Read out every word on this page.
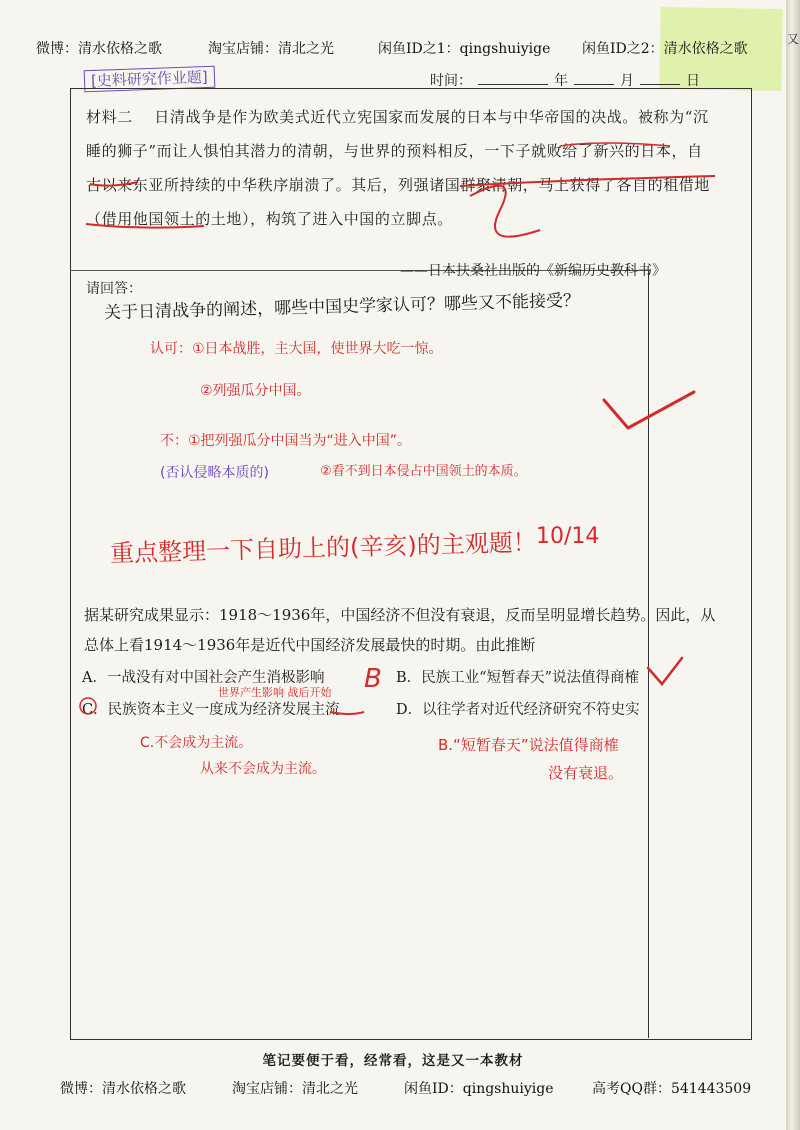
微博：清水依格之歌	淘宝店铺：清北之光	闲鱼ID之1：qingshuiyige 闲鱼ID之2：清水依格之歌
[史料研究作业题]	时间：	年	月	日
材料二 日清战争是作为欧美式近代立宪国家而发展的日本与中华帝国的决战。被称为“沉睡的狮子”而让人惧怕其潜力的清朝，与世界的预料相反，一下子就败给了新兴的日本，自古以来东亚所持续的中华秩序崩溃了。其后，列强诸国群聚清朝，马上获得了各自的租借地（借用他国领土的土地），构筑了进入中国的立脚点。
——日本扶桑社出版的《新编历史教科书》
请回答：
关于日清战争的阐述，哪些中国史学家认可？哪些又不能接受？
认可：①日本战胜，主大国，使世界大吃一惊。
②列强瓜分中国。
不：①把列强瓜分中国当为“进入中国”。
(否认侵略本质的)	②看不到日本侵占中国领土的本质。
重点整理一下自助上的(辛亥)的主观题！
10/14
据某研究成果显示：1918～1936年，中国经济不但没有衰退，反而呈明显增长趋势。因此，从总体上看1914～1936年是近代中国经济发展最快的时期。由此推断
A．一战没有对中国社会产生消极影响	B．民族工业“短暂春天”说法值得商榷
C．民族资本主义一度成为经济发展主流	D．以往学者对近代经济研究不符史实
世界产生影响 战后开始 B
C.不会成为主流。
从来不会成为主流。
B.“短暂春天”说法值得商榷
没有衰退。
笔记要便于看，经常看，这是又一本教材
微博：清水依格之歌	淘宝店铺：清北之光	闲鱼ID：qingshuiyige	高考QQ群：541443509
又
